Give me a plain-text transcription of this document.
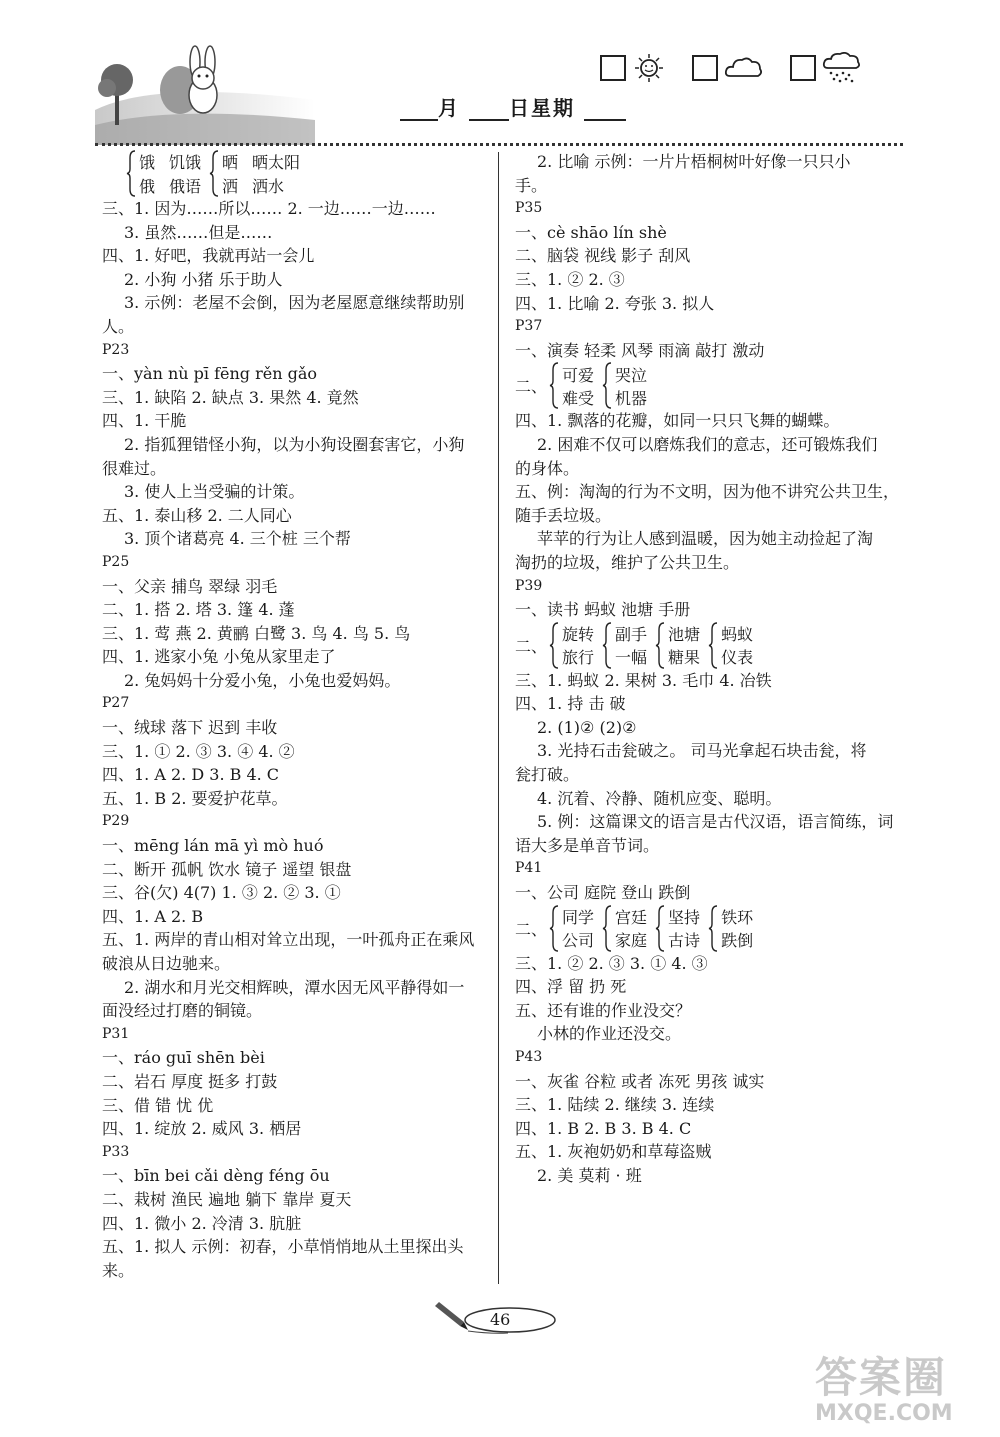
月 日星期
饿
俄
饥饿
俄语
晒
洒
晒太阳
洒水
三、1. 因为……所以…… 2. 一边……一边……
3. 虽然……但是……
四、1. 好吧，我就再站一会儿
2. 小狗 小猪 乐于助人
3. 示例：老屋不会倒，因为老屋愿意继续帮助别
人。
P23
一、yàn nù pī fēng rěn gǎo
三、1. 缺陷 2. 缺点 3. 果然 4. 竟然
四、1. 干脆
2. 指狐狸错怪小狗，以为小狗设圈套害它，小狗
很难过。
3. 使人上当受骗的计策。
五、1. 泰山移 2. 二人同心
3. 顶个诸葛亮 4. 三个桩 三个帮
P25
一、父亲 捕鸟 翠绿 羽毛
二、1. 搭 2. 塔 3. 篷 4. 蓬
三、1. 莺 燕 2. 黄鹂 白鹭 3. 鸟 4. 鸟 5. 鸟
四、1. 逃家小兔 小兔从家里走了
2. 兔妈妈十分爱小兔，小兔也爱妈妈。
P27
一、绒球 落下 迟到 丰收
三、1. ① 2. ③ 3. ④ 4. ②
四、1. A 2. D 3. B 4. C
五、1. B 2. 要爱护花草。
P29
一、mēng lán mā yì mò huó
二、断开 孤帆 饮水 镜子 遥望 银盘
三、谷(欠) 4(7) 1. ③ 2. ② 3. ①
四、1. A 2. B
五、1. 两岸的青山相对耸立出现，一叶孤舟正在乘风
破浪从日边驰来。
2. 湖水和月光交相辉映，潭水因无风平静得如一
面没经过打磨的铜镜。
P31
一、ráo guī shēn bèi
二、岩石 厚度 挺多 打鼓
三、借 错 忧 优
四、1. 绽放 2. 威风 3. 栖居
P33
一、bīn bei cǎi dèng féng ōu
二、栽树 渔民 遍地 躺下 靠岸 夏天
四、1. 微小 2. 冷清 3. 肮脏
五、1. 拟人 示例：初春，小草悄悄地从土里探出头
来。
2. 比喻 示例：一片片梧桐树叶好像一只只小
手。
P35
一、cè shāo lín shè
二、脑袋 视线 影子 刮风
三、1. ② 2. ③
四、1. 比喻 2. 夸张 3. 拟人
P37
一、演奏 轻柔 风琴 雨滴 敲打 激动
二、
可爱
难受
哭泣
机器
四、1. 飘落的花瓣，如同一只只飞舞的蝴蝶。
2. 困难不仅可以磨炼我们的意志，还可锻炼我们
的身体。
五、例：淘淘的行为不文明，因为他不讲究公共卫生，
随手丢垃圾。
苹苹的行为让人感到温暖，因为她主动捡起了淘
淘扔的垃圾，维护了公共卫生。
P39
一、读书 蚂蚁 池塘 手册
二、
旋转
旅行
副手
一幅
池塘
糖果
蚂蚁
仪表
三、1. 蚂蚁 2. 果树 3. 毛巾 4. 冶铁
四、1. 持 击 破
2. (1)② (2)②
3. 光持石击瓮破之。 司马光拿起石块击瓮，将
瓮打破。
4. 沉着、冷静、随机应变、聪明。
5. 例：这篇课文的语言是古代汉语，语言简练，词
语大多是单音节词。
P41
一、公司 庭院 登山 跌倒
二、
同学
公司
宫廷
家庭
坚持
古诗
铁环
跌倒
三、1. ② 2. ③ 3. ① 4. ③
四、浮 留 扔 死
五、还有谁的作业没交？
小林的作业还没交。
P43
一、灰雀 谷粒 或者 冻死 男孩 诚实
三、1. 陆续 2. 继续 3. 连续
四、1. B 2. B 3. B 4. C
五、1. 灰袍奶奶和草莓盗贼
2. 美 莫莉 · 班
46
答案圈
MXQE.COM
